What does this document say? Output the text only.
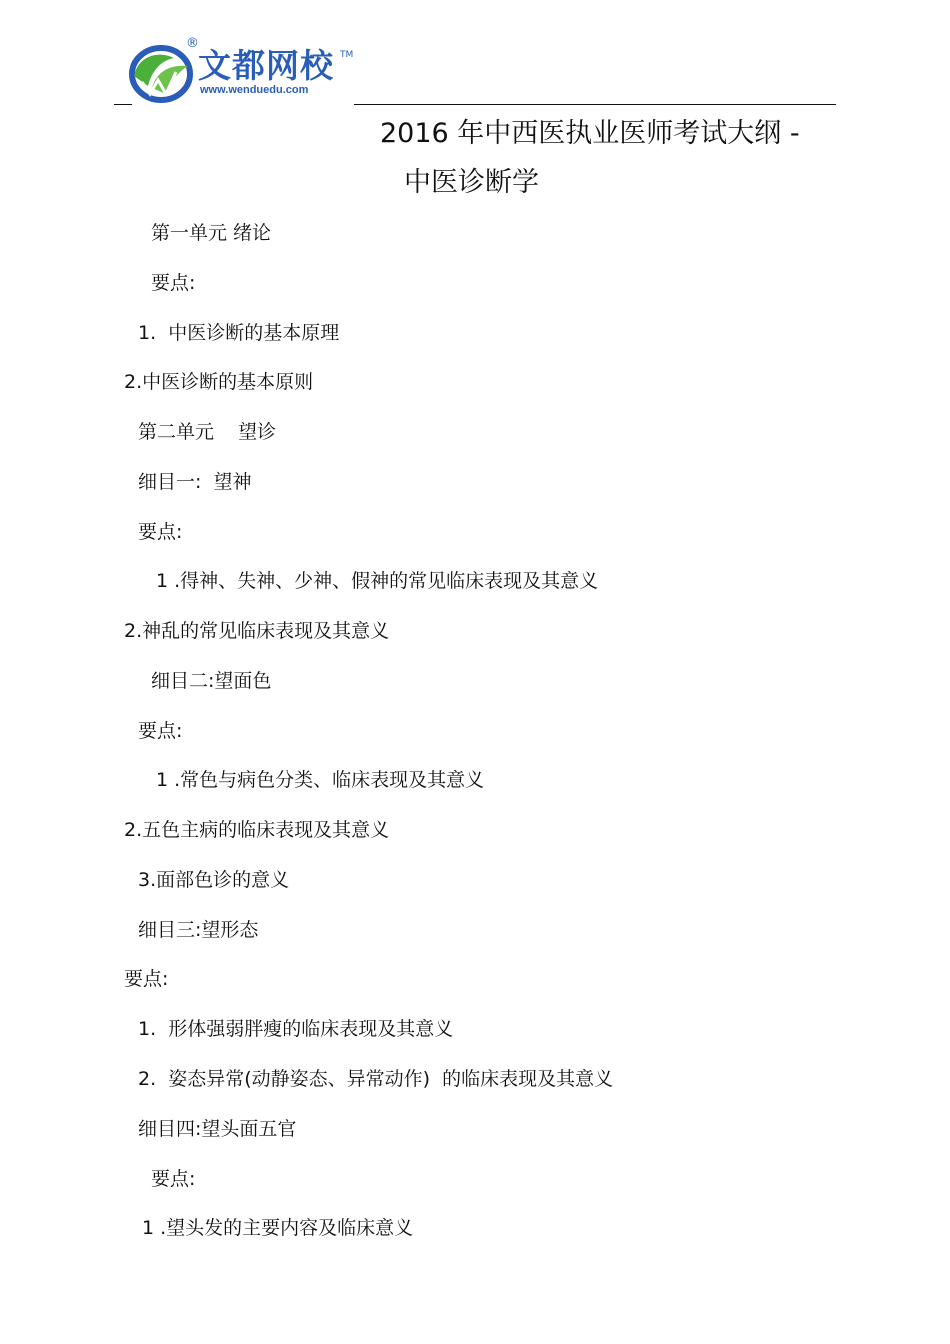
®
文都网校 TM
www.wenduedu.com
2016 年中西医执业医师考试大纲 -
中医诊断学
第一单元 绪论
要点:
1.  中医诊断的基本原理
2.中医诊断的基本原则
第二单元    望诊
细目一:  望神
要点:
1 .得神、失神、少神、假神的常见临床表现及其意义
2.神乱的常见临床表现及其意义
细目二:望面色
要点:
1 .常色与病色分类、临床表现及其意义
2.五色主病的临床表现及其意义
3.面部色诊的意义
细目三:望形态
要点:
1.  形体强弱胖瘦的临床表现及其意义
2.  姿态异常(动静姿态、异常动作)  的临床表现及其意义
细目四:望头面五官
要点:
1 .望头发的主要内容及临床意义
